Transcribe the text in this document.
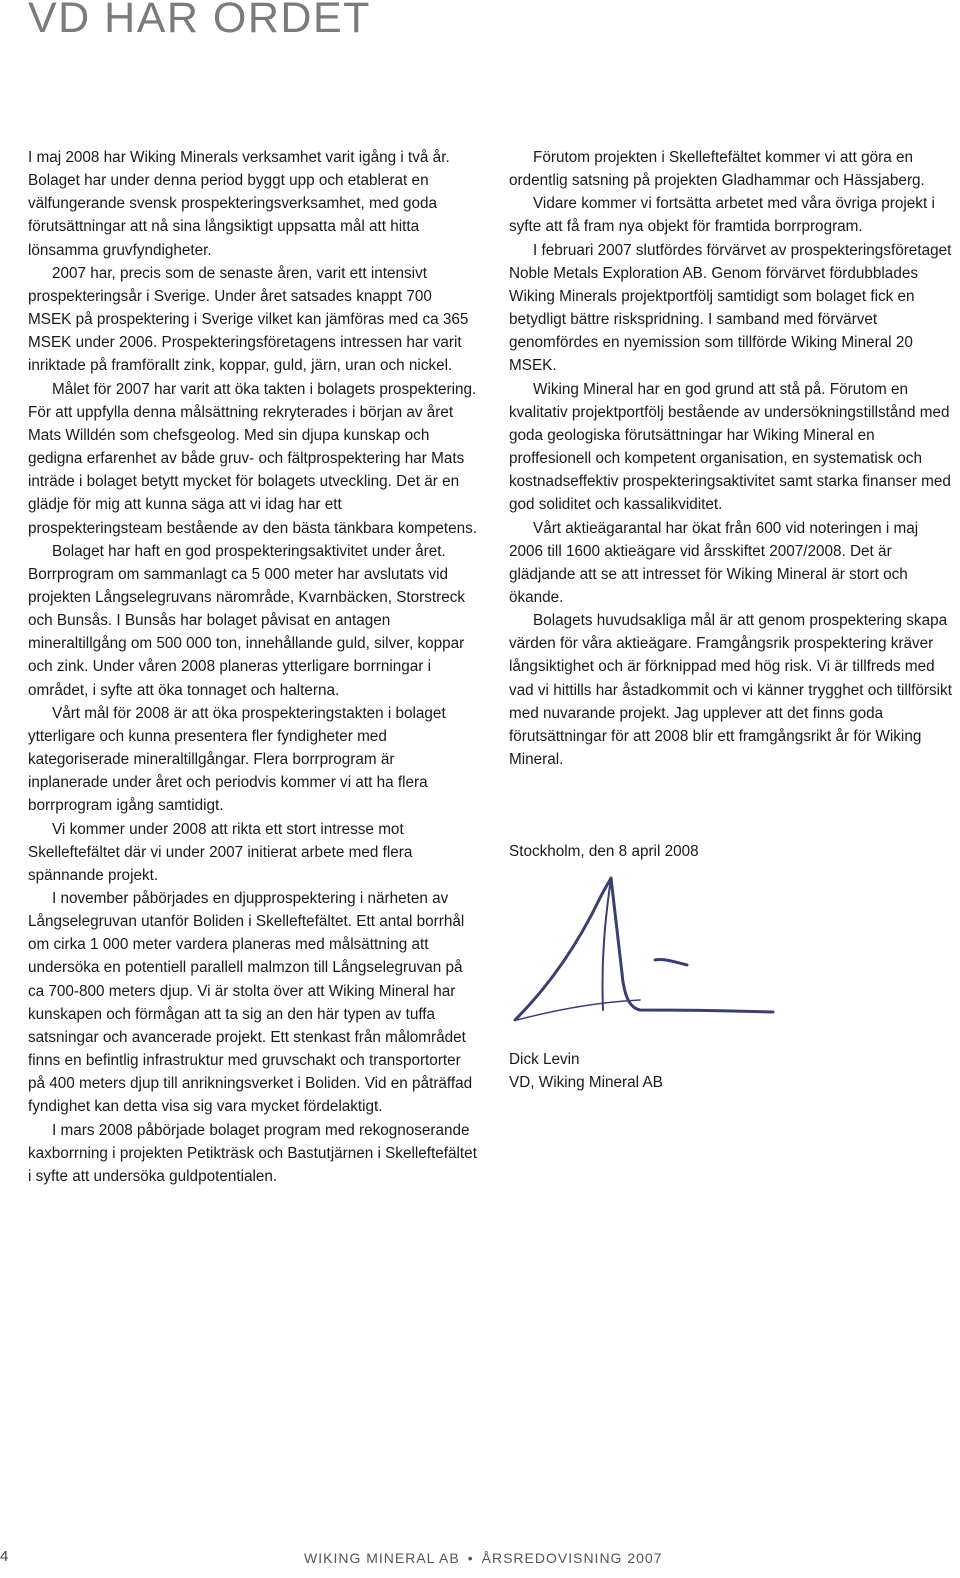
VD HAR ORDET

I maj 2008 har Wiking Minerals verksamhet varit igång i två år. Bolaget har under denna period byggt upp och etablerat en välfungerande svensk prospekteringsverksamhet, med goda förutsättningar att nå sina långsiktigt uppsatta mål att hitta lönsamma gruvfyndigheter.

2007 har, precis som de senaste åren, varit ett intensivt prospekteringsår i Sverige. Under året satsades knappt 700 MSEK på prospektering i Sverige vilket kan jämföras med ca 365 MSEK under 2006. Prospekteringsföretagens intressen har varit inriktade på framförallt zink, koppar, guld, järn, uran och nickel.

Målet för 2007 har varit att öka takten i bolagets prospektering. För att uppfylla denna målsättning rekryterades i början av året Mats Willdén som chefsgeolog. Med sin djupa kunskap och gedigna erfarenhet av både gruv- och fältprospektering har Mats inträde i bolaget betytt mycket för bolagets utveckling. Det är en glädje för mig att kunna säga att vi idag har ett prospekteringsteam bestående av den bästa tänkbara kompetens.

Bolaget har haft en god prospekteringsaktivitet under året. Borrprogram om sammanlagt ca 5 000 meter har avslutats vid projekten Långselegruvans närområde, Kvarnbäcken, Storstreck och Bunsås. I Bunsås har bolaget påvisat en antagen mineraltillgång om 500 000 ton, innehållande guld, silver, koppar och zink. Under våren 2008 planeras ytterligare borrningar i området, i syfte att öka tonnaget och halterna.

Vårt mål för 2008 är att öka prospekteringstakten i bolaget ytterligare och kunna presentera fler fyndigheter med kategoriserade mineraltillgångar. Flera borrprogram är inplanerade under året och periodvis kommer vi att ha flera borrprogram igång samtidigt.

Vi kommer under 2008 att rikta ett stort intresse mot Skelleftefältet där vi under 2007 initierat arbete med flera spännande projekt.

I november påbörjades en djupprospektering i närheten av Långselegruvan utanför Boliden i Skelleftefältet. Ett antal borrhål om cirka 1 000 meter vardera planeras med målsättning att undersöka en potentiell parallell malmzon till Långselegruvan på ca 700-800 meters djup. Vi är stolta över att Wiking Mineral har kunskapen och förmågan att ta sig an den här typen av tuffa satsningar och avancerade projekt. Ett stenkast från målområdet finns en befintlig infrastruktur med gruvschakt och transportorter på 400 meters djup till anrikningsverket i Boliden. Vid en påträffad fyndighet kan detta visa sig vara mycket fördelaktigt.

I mars 2008 påbörjade bolaget program med rekognoserande kaxborrning i projekten Petikträsk och Bastutjärnen i Skelleftefältet i syfte att undersöka guldpotentialen.

Förutom projekten i Skelleftefältet kommer vi att göra en ordentlig satsning på projekten Gladhammar och Hässjaberg.

Vidare kommer vi fortsätta arbetet med våra övriga projekt i syfte att få fram nya objekt för framtida borrprogram.

I februari 2007 slutfördes förvärvet av prospekteringsföretaget Noble Metals Exploration AB. Genom förvärvet fördubblades Wiking Minerals projektportfölj samtidigt som bolaget fick en betydligt bättre riskspridning. I samband med förvärvet genomfördes en nyemission som tillförde Wiking Mineral 20 MSEK.

Wiking Mineral har en god grund att stå på. Förutom en kvalitativ projektportfölj bestående av undersökningstillstånd med goda geologiska förutsättningar har Wiking Mineral en proffesionell och kompetent organisation, en systematisk och kostnadseffektiv prospekteringsaktivitet samt starka finanser med god soliditet och kassalikviditet.

Vårt aktieägarantal har ökat från 600 vid noteringen i maj 2006 till 1600 aktieägare vid årsskiftet 2007/2008. Det är glädjande att se att intresset för Wiking Mineral är stort och ökande.

Bolagets huvudsakliga mål är att genom prospektering skapa värden för våra aktieägare. Framgångsrik prospektering kräver långsiktighet och är förknippad med hög risk. Vi är tillfreds med vad vi hittills har åstadkommit och vi känner trygghet och tillförsikt med nuvarande projekt. Jag upplever att det finns goda förutsättningar för att 2008 blir ett framgångsrikt år för Wiking Mineral.

Stockholm, den 8 april 2008

Dick Levin
VD, Wiking Mineral AB
4	WIKING MINERAL AB • ÅRSREDOVISNING 2007
